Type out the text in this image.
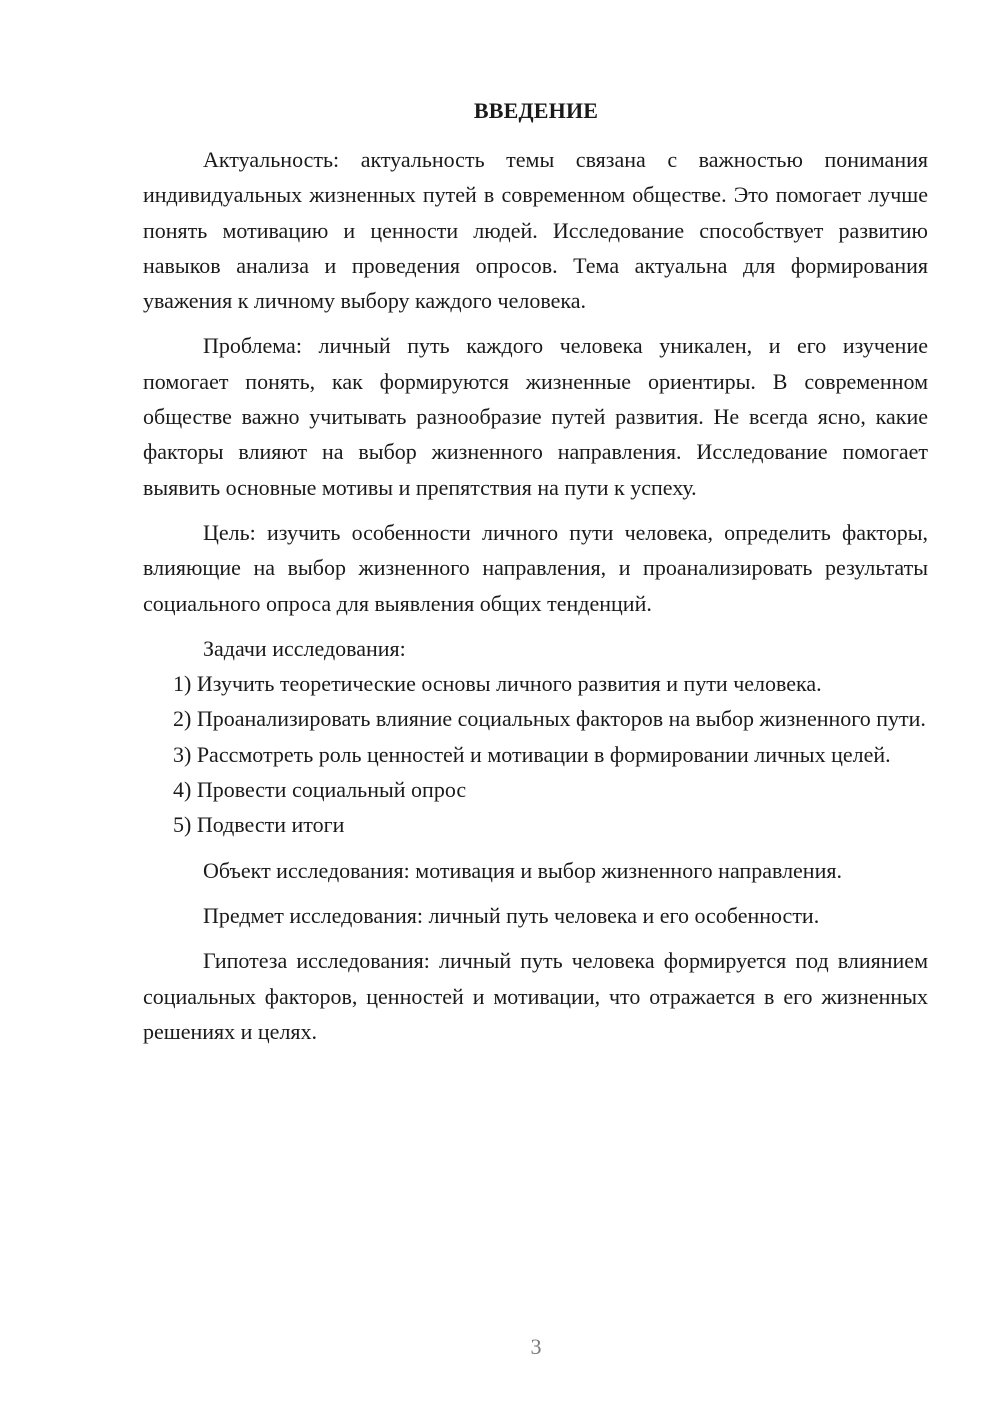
ВВЕДЕНИЕ

Актуальность: актуальность темы связана с важностью понимания индивидуальных жизненных путей в современном обществе. Это помогает лучше понять мотивацию и ценности людей. Исследование способствует развитию навыков анализа и проведения опросов. Тема актуальна для формирования уважения к личному выбору каждого человека.

Проблема: личный путь каждого человека уникален, и его изучение помогает понять, как формируются жизненные ориентиры. В современном обществе важно учитывать разнообразие путей развития. Не всегда ясно, какие факторы влияют на выбор жизненного направления. Исследование помогает выявить основные мотивы и препятствия на пути к успеху.

Цель: изучить особенности личного пути человека, определить факторы, влияющие на выбор жизненного направления, и проанализировать результаты социального опроса для выявления общих тенденций.

Задачи исследования:

1) Изучить теоретические основы личного развития и пути человека.

2) Проанализировать влияние социальных факторов на выбор жизненного пути.

3) Рассмотреть роль ценностей и мотивации в формировании личных целей.

4) Провести социальный опрос

5) Подвести итоги

Объект исследования: мотивация и выбор жизненного направления.

Предмет исследования: личный путь человека и его особенности.

Гипотеза исследования: личный путь человека формируется под влиянием социальных факторов, ценностей и мотивации, что отражается в его жизненных решениях и целях.

3
